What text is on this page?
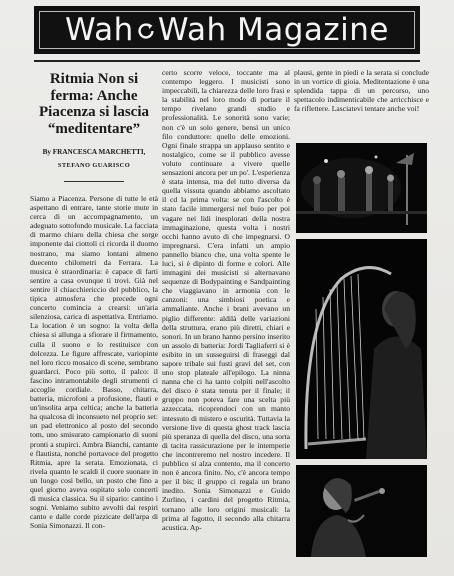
Wah Wah Magazine
Ritmia Non si ferma: Anche Piacenza si lascia “meditentare”
By FRANCESCA MARCHETTI,
STEFANO GUARISCO

Siamo a Piacenza. Persone di tutte le età aspettano di entrare, tante storie mute in cerca di un accompagnamento, un adeguato sottofondo musicale. La facciata di marmo chiaro della chiesa che sorge imponente dai ciottoli ci ricorda il duomo nostrano, ma siamo lontani almeno duecento chilometri da Ferrara. La musica è straordinaria: è capace di farti sentire a casa ovunque ti trovi. Già nel sentire il chiacchiericcio del pubblico, la tipica atmosfera che precede ogni concerto comincia a crearsi: un'aria silenziosa, carica di aspettativa. Entriamo. La location è un sogno: la volta della chiesa si allunga a sfiorare il firmamento, culla il suono e lo restituisce con dolcezza. Le figure affrescate, variopinte nel loro ricco mosaico di scene, sembrano guardarci. Poco più sotto, il palco: il fascino intramontabile degli strumenti ci accoglie cordiale. Basso, chitarra, batteria, microfoni a profusione, flauti e un'insolita arpa celtica; anche la batteria ha qualcosa di inconsueto nel proprio set: un pad elettronico al posto del secondo tom, uno smisurato campionario di suoni pronti a stupirci. Ambra Bianchi, cantante e flautista, nonché portavoce del progetto Ritmia, apre la serata. Emozionata, ci rivela quanto le scaldi il cuore suonare in un luogo così bello, un posto che fino a quel giorno aveva ospitato solo concerti di musica classica. Su il sipario: cantino i sogni. Veniamo subito avvolti dai respiri canto e dalle corde pizzicate dell'arpa di Sonia Simonazzi. Il con-

certo scorre veloce, toccante ma al contempo leggero. I musicisti sono impeccabili, la chiarezza delle loro frasi e la stabilità nel loro modo di portare il tempo rivelano grandi studio e professionalità. Le sonorità sono varie; non c'è un solo genere, bensì un unico filo conduttore: quello delle emozioni. Ogni finale strappa un applauso sentito e nostalgico, come se il pubblico avesse voluto continuare a vivere quelle sensazioni ancora per un po'. L'esperienza è stata intensa, ma del tutto diversa da quella vissuta quando abbiamo ascoltato il cd la prima volta: se con l'ascolto è stato facile immergersi nel buio per poi vagare nei lidi inesplorati della nostra immaginazione, questa volta i nostri occhi hanno avuto di che impegnarsi. O impregnarsi. C'era infatti un ampio pannello bianco che, una volta spente le luci, si è dipinto di forme e colori. Alle immagini dei musicisti si alternavano sequenze di Bodypainting e Sandpainting che viaggiavano in armonia con le canzoni: una simbiosi poetica e ammaliante. Anche i brani avevano un piglio differente: aldilà delle variazioni della struttura, erano più diretti, chiari e sonori. In un brano hanno persino inserito un assolo di batteria: Jordi Tagliaferri si è esibito in un susseguirsi di fraseggi dal sapore tribale sui fusti gravi del set, con uno stop plateale all'epilogo. La ninna nanna che ci ha tanto colpiti nell'ascolto del disco è stata tenuta per il finale; il gruppo non poteva fare una scelta più azzeccata, ricoprendoci con un manto intessuto di mistero e oscurità. Tuttavia la versione live di questa ghost track lascia più speranza di quella del disco, una sorta di tacita rassicurazione per le intemperie che incontreremo nel nostro incedere. Il pubblico si alza contento, ma il concerto non è ancora finito. No, c'è ancora tempo per il bis; il gruppo ci regala un brano inedito. Sonia Simonazzi e Guido Zurlino, i cardini del progetto Ritmia, tornano alle loro origini musicali: la prima al fagotto, il secondo alla chitarra acustica. Ap-

plausi, gente in piedi e la serata si conclude in un vortice di gioia. Meditentazione è una splendida tappa di un percorso, uno spettacolo indimenticabile che arricchisce e fa riflettere. Lasciatevi tentare anche voi!
